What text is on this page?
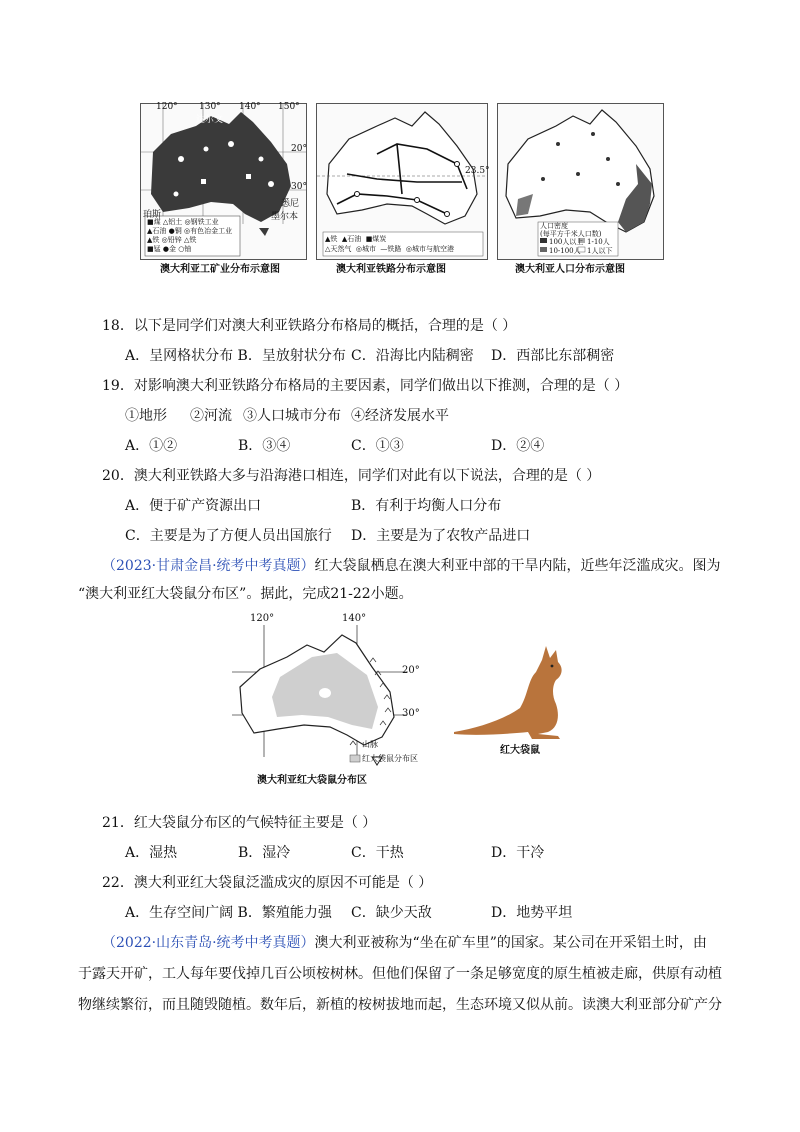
120° 130° 140° 150°
20°
30°
达尔文
珀斯
悉尼
墨尔本
■煤 △铝土 ◎钢铁工业
▲石油 ●铜 ◎有色冶金工业
▲铁 ◎铅锌 △铁
■锰 ●金 ○铀
澳大利亚工矿业分布示意图
23.5°
▲铁 ▲石油 ■煤炭
△天然气 ◎城市 —铁路 ◎城市与航空港
澳大利亚铁路分布示意图
人口密度
(每平方千米人口数)
100人以上 1-10人
10-100人 1人以下
澳大利亚人口分布示意图
18．以下是同学们对澳大利亚铁路分布格局的概括，合理的是（ ）
A．呈网格状分布 B．呈放射状分布 C．沿海比内陆稠密 D．西部比东部稠密
19．对影响澳大利亚铁路分布格局的主要因素，同学们做出以下推测，合理的是（ ）
①地形 ②河流 ③人口城市分布 ④经济发展水平
A．①②	B．③④	C．①③	D．②④
20．澳大利亚铁路大多与沿海港口相连，同学们对此有以下说法，合理的是（ ）
A．便于矿产资源出口	B．有利于均衡人口分布
C．主要是为了方便人员出国旅行 D．主要是为了农牧产品进口
（2023·甘肃金昌·统考中考真题）红大袋鼠栖息在澳大利亚中部的干旱内陆，近些年泛滥成灾。图为
“澳大利亚红大袋鼠分布区”。据此，完成21-22小题。
120°	140°
20°
30°
山脉
红大袋鼠分布区
澳大利亚红大袋鼠分布区
红大袋鼠
21．红大袋鼠分布区的气候特征主要是（ ）
A．湿热	B．湿冷	C．干热	D．干冷
22．澳大利亚红大袋鼠泛滥成灾的原因不可能是（ ）
A．生存空间广阔 B．繁殖能力强 C．缺少天敌	D．地势平坦
（2022·山东青岛·统考中考真题）澳大利亚被称为“坐在矿车里”的国家。某公司在开采铝土时，由
于露天开矿，工人每年要伐掉几百公顷桉树林。但他们保留了一条足够宽度的原生植被走廊，供原有动植
物继续繁衍，而且随毁随植。数年后，新植的桉树拔地而起，生态环境又似从前。读澳大利亚部分矿产分
